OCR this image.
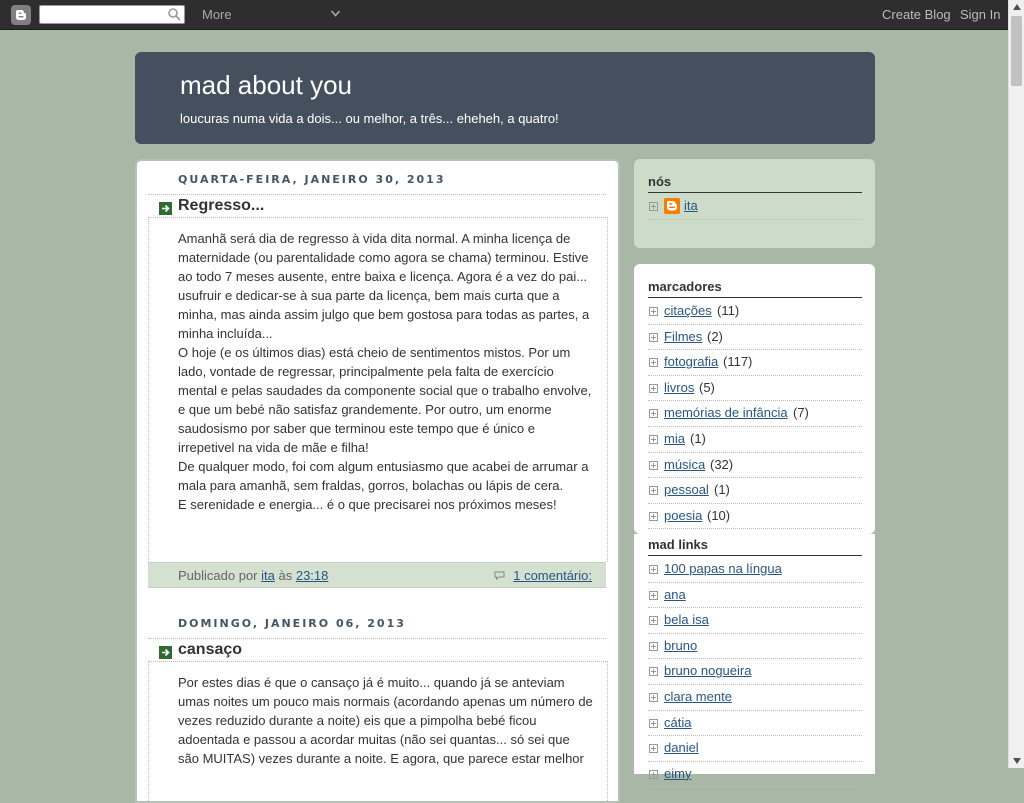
More	Create Blog Sign In
mad about you
loucuras numa vida a dois... ou melhor, a três... eheheh, a quatro!
QUARTA-FEIRA, JANEIRO 30, 2013
Regresso...

Amanhã será dia de regresso à vida dita normal. A minha licença de maternidade (ou parentalidade como agora se chama) terminou. Estive ao todo 7 meses ausente, entre baixa e licença. Agora é a vez do pai... usufruir e dedicar-se à sua parte da licença, bem mais curta que a minha, mas ainda assim julgo que bem gostosa para todas as partes, a minha incluída...

O hoje (e os últimos dias) está cheio de sentimentos mistos. Por um lado, vontade de regressar, principalmente pela falta de exercício mental e pelas saudades da componente social que o trabalho envolve, e que um bebé não satisfaz grandemente. Por outro, um enorme saudosismo por saber que terminou este tempo que é único e irrepetivel na vida de mãe e filha!

De qualquer modo, foi com algum entusiasmo que acabei de arrumar a mala para amanhã, sem fraldas, gorros, bolachas ou lápis de cera.

E serenidade e energia... é o que precisarei nos próximos meses!

Publicado por ita às 23:18	1 comentário:
DOMINGO, JANEIRO 06, 2013
cansaço

Por estes dias é que o cansaço já é muito... quando já se anteviam umas noites um pouco mais normais (acordando apenas um número de vezes reduzido durante a noite) eis que a pimpolha bebé ficou adoentada e passou a acordar muitas (não sei quantas... só sei que são MUITAS) vezes durante a noite. E agora, que parece estar melhor

nós
ita
marcadores
citações (11)
Filmes (2)
fotografia (117)
livros (5)
memórias de infância (7)
mia (1)
música (32)
pessoal (1)
poesia (10)
mad links
100 papas na língua
ana
bela isa
bruno
bruno nogueira
clara mente
cátia
daniel
eimy
